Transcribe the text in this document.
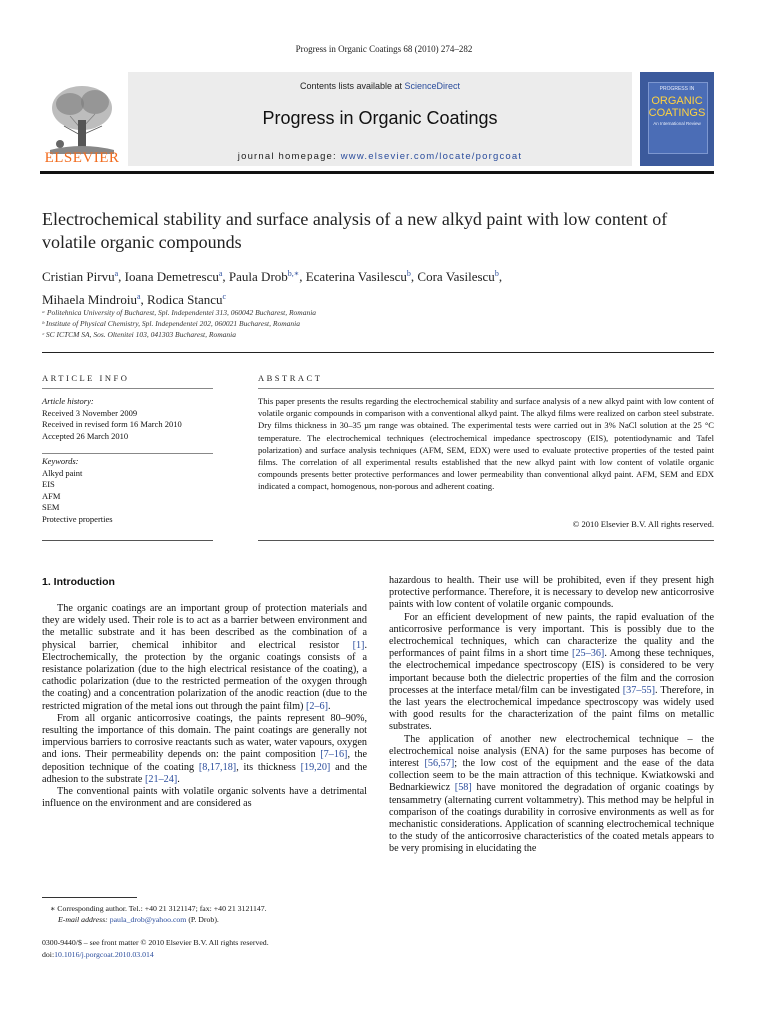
Progress in Organic Coatings 68 (2010) 274–282
Contents lists available at ScienceDirect
Progress in Organic Coatings
journal homepage: www.elsevier.com/locate/porgcoat
ELSEVIER
PROGRESS IN
ORGANIC
COATINGS
An International Review
Electrochemical stability and surface analysis of a new alkyd paint with low content of volatile organic compounds
Cristian Pirvu$^a$, Ioana Demetrescu$^a$, Paula Drob$^{b,∗}$, Ecaterina Vasilescu$^b$, Cora Vasilescu$^b$,
Mihaela Mindroiu$^a$, Rodica Stancu$^c$
ᵃ Politehnica University of Bucharest, Spl. Independentei 313, 060042 Bucharest, Romania
ᵇ Institute of Physical Chemistry, Spl. Independentei 202, 060021 Bucharest, Romania
ᶜ SC ICTCM SA, Sos. Oltenitei 103, 041303 Bucharest, Romania
ARTICLE INFO
Article history:
Received 3 November 2009
Received in revised form 16 March 2010
Accepted 26 March 2010
Keywords:
Alkyd paint
EIS
AFM
SEM
Protective properties
ABSTRACT
This paper presents the results regarding the electrochemical stability and surface analysis of a new alkyd paint with low content of volatile organic compounds in comparison with a conventional alkyd paint. The alkyd films were realized on carbon steel substrate. Dry films thickness in 30–35 µm range was obtained. The experimental tests were carried out in 3% NaCl solution at the 25 °C temperature. The electrochemical techniques (electrochemical impedance spectroscopy (EIS), potentiodynamic and Tafel polarization) and surface analysis techniques (AFM, SEM, EDX) were used to evaluate protective properties of the tested paint films. The correlation of all experimental results established that the new alkyd paint with low content of volatile organic compounds presents better protective performances and lower permeability than conventional alkyd paint. AFM, SEM and EDX indicated a compact, homogenous, non-porous and adherent coating.
© 2010 Elsevier B.V. All rights reserved.
1. Introduction

The organic coatings are an important group of protection materials and they are widely used. Their role is to act as a barrier between environment and the metallic substrate and it has been described as the combination of a physical barrier, chemical inhibitor and electrical resistor [1]. Electrochemically, the protection by the organic coatings consists of a resistance polarization (due to the high electrical resistance of the coating), a cathodic polarization (due to the restricted permeation of the oxygen through the coating) and a concentration polarization of the anodic reaction (due to the restricted migration of the metal ions out through the paint film) [2–6].

From all organic anticorrosive coatings, the paints represent 80–90%, resulting the importance of this domain. The paint coatings are generally not impervious barriers to corrosive reactants such as water, water vapours, oxygen and ions. Their permeability depends on: the paint composition [7–16], the deposition technique of the coating [8,17,18], its thickness [19,20] and the adhesion to the substrate [21–24].

The conventional paints with volatile organic solvents have a detrimental influence on the environment and are considered as

hazardous to health. Their use will be prohibited, even if they present high protective performance. Therefore, it is necessary to develop new anticorrosive paints with low content of volatile organic compounds.

For an efficient development of new paints, the rapid evaluation of the anticorrosive performance is very important. This is possibly due to the electrochemical techniques, which can characterize the quality and the performances of paint films in a short time [25–36]. Among these techniques, the electrochemical impedance spectroscopy (EIS) is considered to be very important because both the dielectric properties of the film and the corrosion processes at the interface metal/film can be investigated [37–55]. Therefore, in the last years the electrochemical impedance spectroscopy was widely used with good results for the characterization of the paint films on metallic substrates.

The application of another new electrochemical technique – the electrochemical noise analysis (ENA) for the same purposes has become of interest [56,57]; the low cost of the equipment and the ease of the data collection seem to be the main attraction of this technique. Kwiatkowski and Bednarkiewicz [58] have monitored the degradation of organic coatings by tensammetry (alternating current voltammetry). This method may be helpful in comparison of the coatings durability in corrosive environments as well as for mechanistic considerations. Application of scanning electrochemical technique to the study of the anticorrosive characteristics of the coated metals appears to be very promising in elucidating the

∗ Corresponding author. Tel.: +40 21 3121147; fax: +40 21 3121147.
E-mail address: paula_drob@yahoo.com (P. Drob).
0300-9440/$ – see front matter © 2010 Elsevier B.V. All rights reserved.
doi:10.1016/j.porgcoat.2010.03.014
